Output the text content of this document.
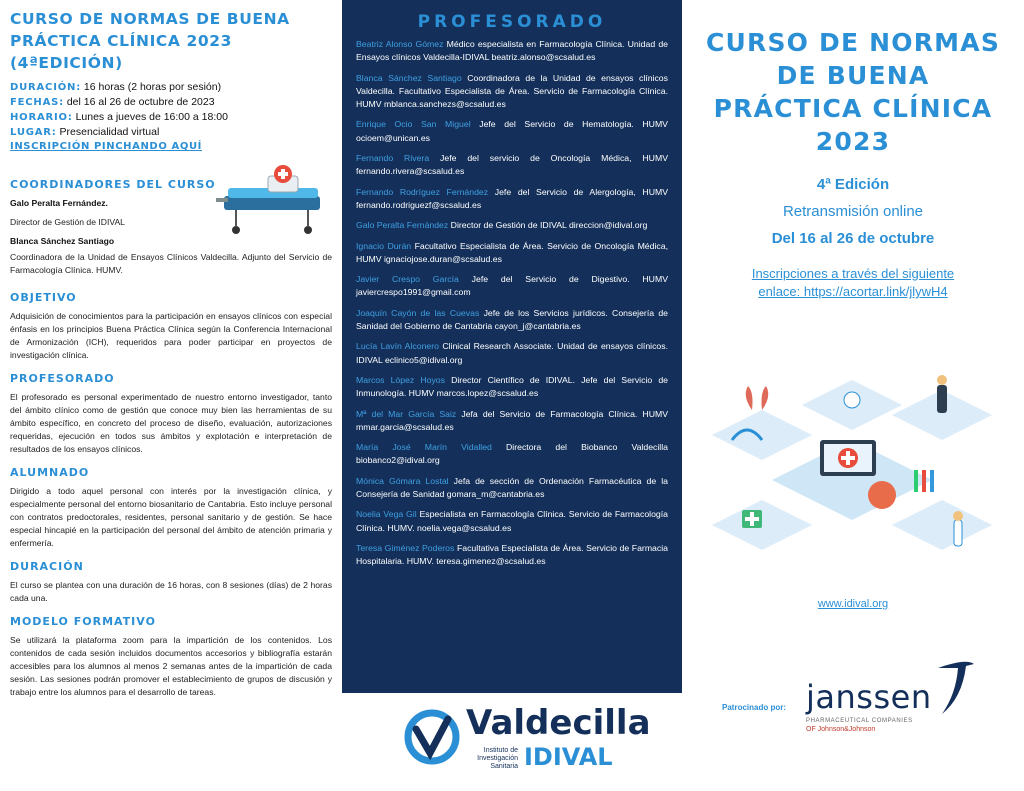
CURSO DE NORMAS DE BUENA PRÁCTICA CLÍNICA 2023 (4ªEDICIÓN)
DURACIÓN: 16 horas (2 horas por sesión)
FECHAS: del 16 al 26 de octubre de 2023
HORARIO: Lunes a jueves de 16:00 a 18:00
LUGAR: Presencialidad virtual
INSCRIPCIÓN PINCHANDO AQUÍ
COORDINADORES DEL CURSO

Galo Peralta Fernández.

Director de Gestión de IDIVAL

Blanca Sánchez Santiago

Coordinadora de la Unidad de Ensayos Clínicos Valdecilla. Adjunto del Servicio de Farmacología Clínica. HUMV.

OBJETIVO

Adquisición de conocimientos para la participación en ensayos clínicos con especial énfasis en los principios Buena Práctica Clínica según la Conferencia Internacional de Armonización (ICH), requeridos para poder participar en proyectos de investigación clínica.

PROFESORADO

El profesorado es personal experimentado de nuestro entorno investigador, tanto del ámbito clínico como de gestión que conoce muy bien las herramientas de su ámbito específico, en concreto del proceso de diseño, evaluación, autorizaciones requeridas, ejecución en todos sus ámbitos y explotación e interpretación de resultados de los ensayos clínicos.

ALUMNADO

Dirigido a todo aquel personal con interés por la investigación clínica, y especialmente personal del entorno biosanitario de Cantabria. Esto incluye personal con contratos predoctorales, residentes, personal sanitario y de gestión. Se hace especial hincapié en la participación del personal del ámbito de atención primaria y enfermería.

DURACIÓN

El curso se plantea con una duración de 16 horas, con 8 sesiones (días) de 2 horas cada una.

MODELO FORMATIVO

Se utilizará la plataforma zoom para la impartición de los contenidos. Los contenidos de cada sesión incluidos documentos accesorios y bibliografía estarán accesibles para los alumnos al menos 2 semanas antes de la impartición de cada sesión. Las sesiones podrán promover el establecimiento de grupos de discusión y trabajo entre los alumnos para el desarrollo de tareas.

PROFESORADO
Beatriz Alonso Gómez Médico especialista en Farmacología Clínica. Unidad de Ensayos clínicos Valdecilla-IDIVAL beatriz.alonso@scsalud.es
Blanca Sánchez Santiago Coordinadora de la Unidad de ensayos clínicos Valdecilla. Facultativo Especialista de Área. Servicio de Farmacología Clínica. HUMV mblanca.sanchezs@scsalud.es
Enrique Ocio San Miguel Jefe del Servicio de Hematología. HUMV ocioem@unican.es
Fernando Rivera Jefe del servicio de Oncología Médica, HUMV fernando.rivera@scsalud.es
Fernando Rodríguez Fernández Jefe del Servicio de Alergología, HUMV fernando.rodriguezf@scsalud.es
Galo Peralta Fernández Director de Gestión de IDIVAL direccion@idival.org
Ignacio Durán Facultativo Especialista de Área. Servicio de Oncología Médica, HUMV ignaciojose.duran@scsalud.es
Javier Crespo García Jefe del Servicio de Digestivo. HUMV javiercrespo1991@gmail.com
Joaquín Cayón de las Cuevas Jefe de los Servicios jurídicos. Consejería de Sanidad del Gobierno de Cantabria cayon_j@cantabria.es
Lucía Lavín Alconero Clinical Research Associate. Unidad de ensayos clínicos. IDIVAL eclinico5@idival.org
Marcos López Hoyos Director Científico de IDIVAL. Jefe del Servicio de Inmunología. HUMV marcos.lopez@scsalud.es
Mª del Mar García Saiz Jefa del Servicio de Farmacología Clínica. HUMV mmar.garcia@scsalud.es
María José Marín Vidalled Directora del Biobanco Valdecilla biobanco2@idival.org
Mónica Gómara Lostal Jefa de sección de Ordenación Farmacéutica de la Consejería de Sanidad gomara_m@cantabria.es
Noelia Vega Gil Especialista en Farmacología Clínica. Servicio de Farmacología Clínica. HUMV. noelia.vega@scsalud.es
Teresa Giménez Poderos Facultativa Especialista de Área. Servicio de Farmacia Hospitalaria. HUMV. teresa.gimenez@scsalud.es
Valdecilla
Instituto de Investigación Sanitaria IDIVAL
CURSO DE NORMAS DE BUENA PRÁCTICA CLÍNICA 2023
4ª Edición
Retransmisión online
Del 16 al 26 de octubre
Inscripciones a través del siguiente
enlace: https://acortar.link/jlywH4
www.idival.org
Patrocinado por: janssen
PHARMACEUTICAL COMPANIES
OF Johnson&Johnson
